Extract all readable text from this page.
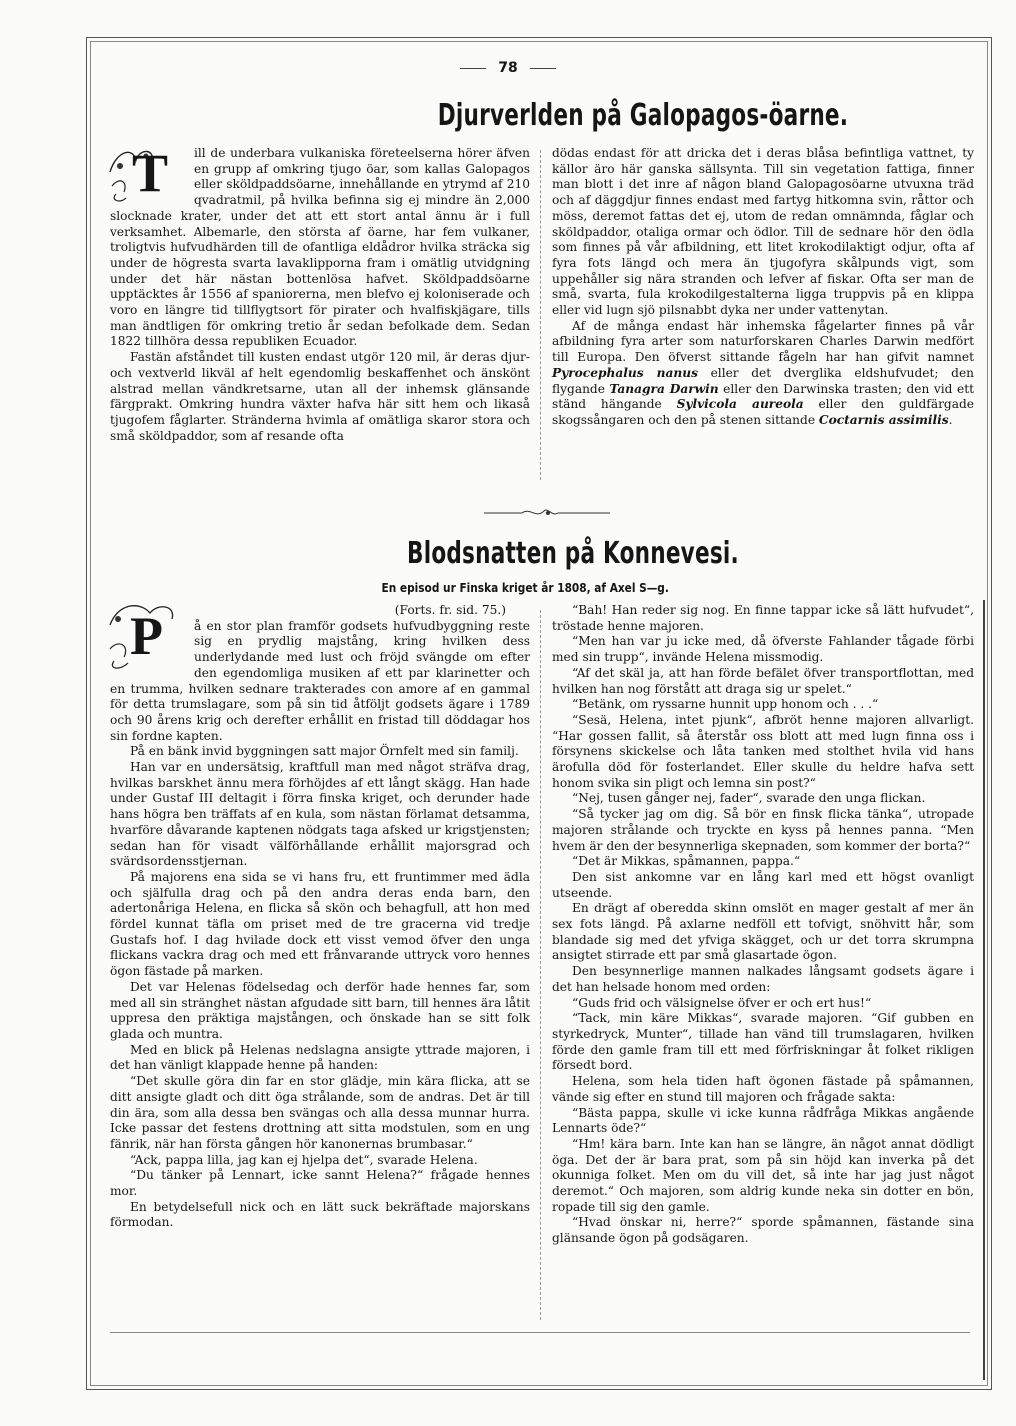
78
Djurverlden på Galopagos-öarne.
T	ill de underbara vulkaniska företeelserna hörer äfven en grupp af omkring tjugo öar, som kallas Galopagos eller sköldpaddsöarne, innehållande en ytrymd af 210 qvadratmil, på hvilka befinna sig ej mindre än 2,000 slocknade krater, under det att ett stort antal ännu är i full verksamhet. Albemarle, den största af öarne, har fem vulkaner, troligtvis hufvudhärden till de ofantliga eldådror hvilka sträcka sig under de högresta svarta lavaklipporna fram i omätlig utvidgning under det här nästan bottenlösa hafvet. Sköldpaddsöarne upptäcktes år 1556 af spaniorerna, men blefvo ej koloniserade och voro en längre tid tillflygtsort för pirater och hvalfiskjägare, tills man ändtligen för omkring tretio år sedan befolkade dem. Sedan 1822 tillhöra dessa republiken Ecuador.

Fastän afståndet till kusten endast utgör 120 mil, är deras djur- och vextverld likväl af helt egendomlig beskaffenhet och änskönt alstrad mellan vändkretsarne, utan all der inhemsk glänsande färgprakt. Omkring hundra växter hafva här sitt hem och likaså tjugofem fåglarter. Stränderna hvimla af omätliga skaror stora och små sköldpaddor, som af resande ofta

dödas endast för att dricka det i deras blåsa befintliga vattnet, ty källor äro här ganska sällsynta. Till sin vegetation fattiga, finner man blott i det inre af någon bland Galopagosöarne utvuxna träd och af däggdjur finnes endast med fartyg hitkomna svin, råttor och möss, deremot fattas det ej, utom de redan omnämnda, fåglar och sköldpaddor, otaliga ormar och ödlor. Till de sednare hör den ödla som finnes på vår afbildning, ett litet krokodilaktigt odjur, ofta af fyra fots längd och mera än tjugofyra skålpunds vigt, som uppehåller sig nära stranden och lefver af fiskar. Ofta ser man de små, svarta, fula krokodilgestalterna ligga truppvis på en klippa eller vid lugn sjö pilsnabbt dyka ner under vattenytan.

Af de många endast här inhemska fågelarter finnes på vår afbildning fyra arter som naturforskaren Charles Darwin medfört till Europa. Den öfverst sittande fågeln har han gifvit namnet Pyrocephalus nanus eller det dverglika eldshufvudet; den flygande Tanagra Darwin eller den Darwinska trasten; den vid ett ständ hängande Sylvicola aureola eller den guldfärgade skogssångaren och den på stenen sittande Coctarnis assimilis.

Blodsnatten på Konnevesi.
En episod ur Finska kriget år 1808, af Axel S—g.
P	(Forts. fr. sid. 75.)

å en stor plan framför godsets hufvudbyggning reste sig en prydlig majstång, kring hvilken dess underlydande med lust och fröjd svängde om efter den egendomliga musiken af ett par klarinetter och en trumma, hvilken sednare trakterades con amore af en gammal för detta trumslagare, som på sin tid åtföljt godsets ägare i 1789 och 90 årens krig och derefter erhållit en fristad till döddagar hos sin fordne kapten.

På en bänk invid byggningen satt major Örnfelt med sin familj.

Han var en undersätsig, kraftfull man med något sträfva drag, hvilkas barskhet ännu mera förhöjdes af ett långt skägg. Han hade under Gustaf III deltagit i förra finska kriget, och derunder hade hans högra ben träffats af en kula, som nästan förlamat detsamma, hvarföre dåvarande kaptenen nödgats taga afsked ur krigstjensten; sedan han för visadt välförhållande erhållit majorsgrad och svärdsordensstjernan.

På majorens ena sida se vi hans fru, ett fruntimmer med ädla och själfulla drag och på den andra deras enda barn, den adertonåriga Helena, en flicka så skön och behagfull, att hon med fördel kunnat täfla om priset med de tre gracerna vid tredje Gustafs hof. I dag hvilade dock ett visst vemod öfver den unga flickans vackra drag och med ett frånvarande uttryck voro hennes ögon fästade på marken.

Det var Helenas födelsedag och derför hade hennes far, som med all sin stränghet nästan afgudade sitt barn, till hennes ära låtit uppresa den präktiga majstången, och önskade han se sitt folk glada och muntra.

Med en blick på Helenas nedslagna ansigte yttrade majoren, i det han vänligt klappade henne på handen:

“Det skulle göra din far en stor glädje, min kära flicka, att se ditt ansigte gladt och ditt öga strålande, som de andras. Det är till din ära, som alla dessa ben svängas och alla dessa munnar hurra. Icke passar det festens drottning att sitta modstulen, som en ung fänrik, när han första gången hör kanonernas brumbasar.“

“Ack, pappa lilla, jag kan ej hjelpa det“, svarade Helena.

“Du tänker på Lennart, icke sannt Helena?“ frågade hennes mor.

En betydelsefull nick och en lätt suck bekräftade majorskans förmodan.

“Bah! Han reder sig nog. En finne tappar icke så lätt hufvudet“, tröstade henne majoren.

“Men han var ju icke med, då öfverste Fahlander tågade förbi med sin trupp“, invände Helena missmodig.

“Af det skäl ja, att han förde befälet öfver transportflottan, med hvilken han nog förstått att draga sig ur spelet.“

“Betänk, om ryssarne hunnit upp honom och . . .“

“Sesä, Helena, intet pjunk“, afbröt henne majoren allvarligt. “Har gossen fallit, så återstår oss blott att med lugn finna oss i försynens skickelse och låta tanken med stolthet hvila vid hans ärofulla död för fosterlandet. Eller skulle du heldre hafva sett honom svika sin pligt och lemna sin post?“

“Nej, tusen gånger nej, fader“, svarade den unga flickan.

“Så tycker jag om dig. Så bör en finsk flicka tänka“, utropade majoren strålande och tryckte en kyss på hennes panna. “Men hvem är den der besynnerliga skepnaden, som kommer der borta?“

“Det är Mikkas, spåmannen, pappa.“

Den sist ankomne var en lång karl med ett högst ovanligt utseende.

En drägt af oberedda skinn omslöt en mager gestalt af mer än sex fots längd. På axlarne nedföll ett tofvigt, snöhvitt hår, som blandade sig med det yfviga skägget, och ur det torra skrumpna ansigtet stirrade ett par små glasartade ögon.

Den besynnerlige mannen nalkades långsamt godsets ägare i det han helsade honom med orden:

“Guds frid och välsignelse öfver er och ert hus!“

“Tack, min käre Mikkas“, svarade majoren. “Gif gubben en styrkedryck, Munter“, tillade han vänd till trumslagaren, hvilken förde den gamle fram till ett med förfriskningar åt folket rikligen försedt bord.

Helena, som hela tiden haft ögonen fästade på spåmannen, vände sig efter en stund till majoren och frågade sakta:

“Bästa pappa, skulle vi icke kunna rådfråga Mikkas angående Lennarts öde?“

“Hm! kära barn. Inte kan han se längre, än något annat dödligt öga. Det der är bara prat, som på sin höjd kan inverka på det okunniga folket. Men om du vill det, så inte har jag just något deremot.“ Och majoren, som aldrig kunde neka sin dotter en bön, ropade till sig den gamle.

“Hvad önskar ni, herre?“ sporde spåmannen, fästande sina glänsande ögon på godsägaren.
